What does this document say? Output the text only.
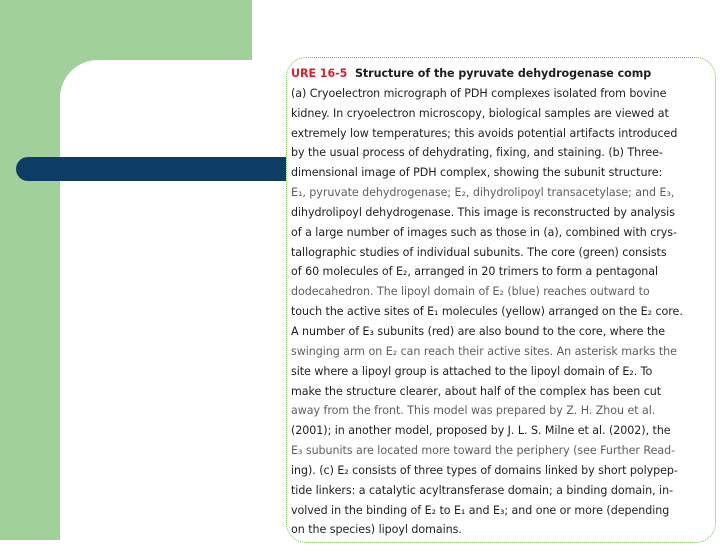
URE 16-5 Structure of the pyruvate dehydrogenase comp
(a) Cryoelectron micrograph of PDH complexes isolated from bovine
kidney. In cryoelectron microscopy, biological samples are viewed at
extremely low temperatures; this avoids potential artifacts introduced
by the usual process of dehydrating, fixing, and staining. (b) Three-
dimensional image of PDH complex, showing the subunit structure:
E₁, pyruvate dehydrogenase; E₂, dihydrolipoyl transacetylase; and E₃,
dihydrolipoyl dehydrogenase. This image is reconstructed by analysis
of a large number of images such as those in (a), combined with crys-
tallographic studies of individual subunits. The core (green) consists
of 60 molecules of E₂, arranged in 20 trimers to form a pentagonal
dodecahedron. The lipoyl domain of E₂ (blue) reaches outward to
touch the active sites of E₁ molecules (yellow) arranged on the E₂ core.
A number of E₃ subunits (red) are also bound to the core, where the
swinging arm on E₂ can reach their active sites. An asterisk marks the
site where a lipoyl group is attached to the lipoyl domain of E₂. To
make the structure clearer, about half of the complex has been cut
away from the front. This model was prepared by Z. H. Zhou et al.
(2001); in another model, proposed by J. L. S. Milne et al. (2002), the
E₃ subunits are located more toward the periphery (see Further Read-
ing). (c) E₂ consists of three types of domains linked by short polypep-
tide linkers: a catalytic acyltransferase domain; a binding domain, in-
volved in the binding of E₂ to E₁ and E₃; and one or more (depending
on the species) lipoyl domains.
